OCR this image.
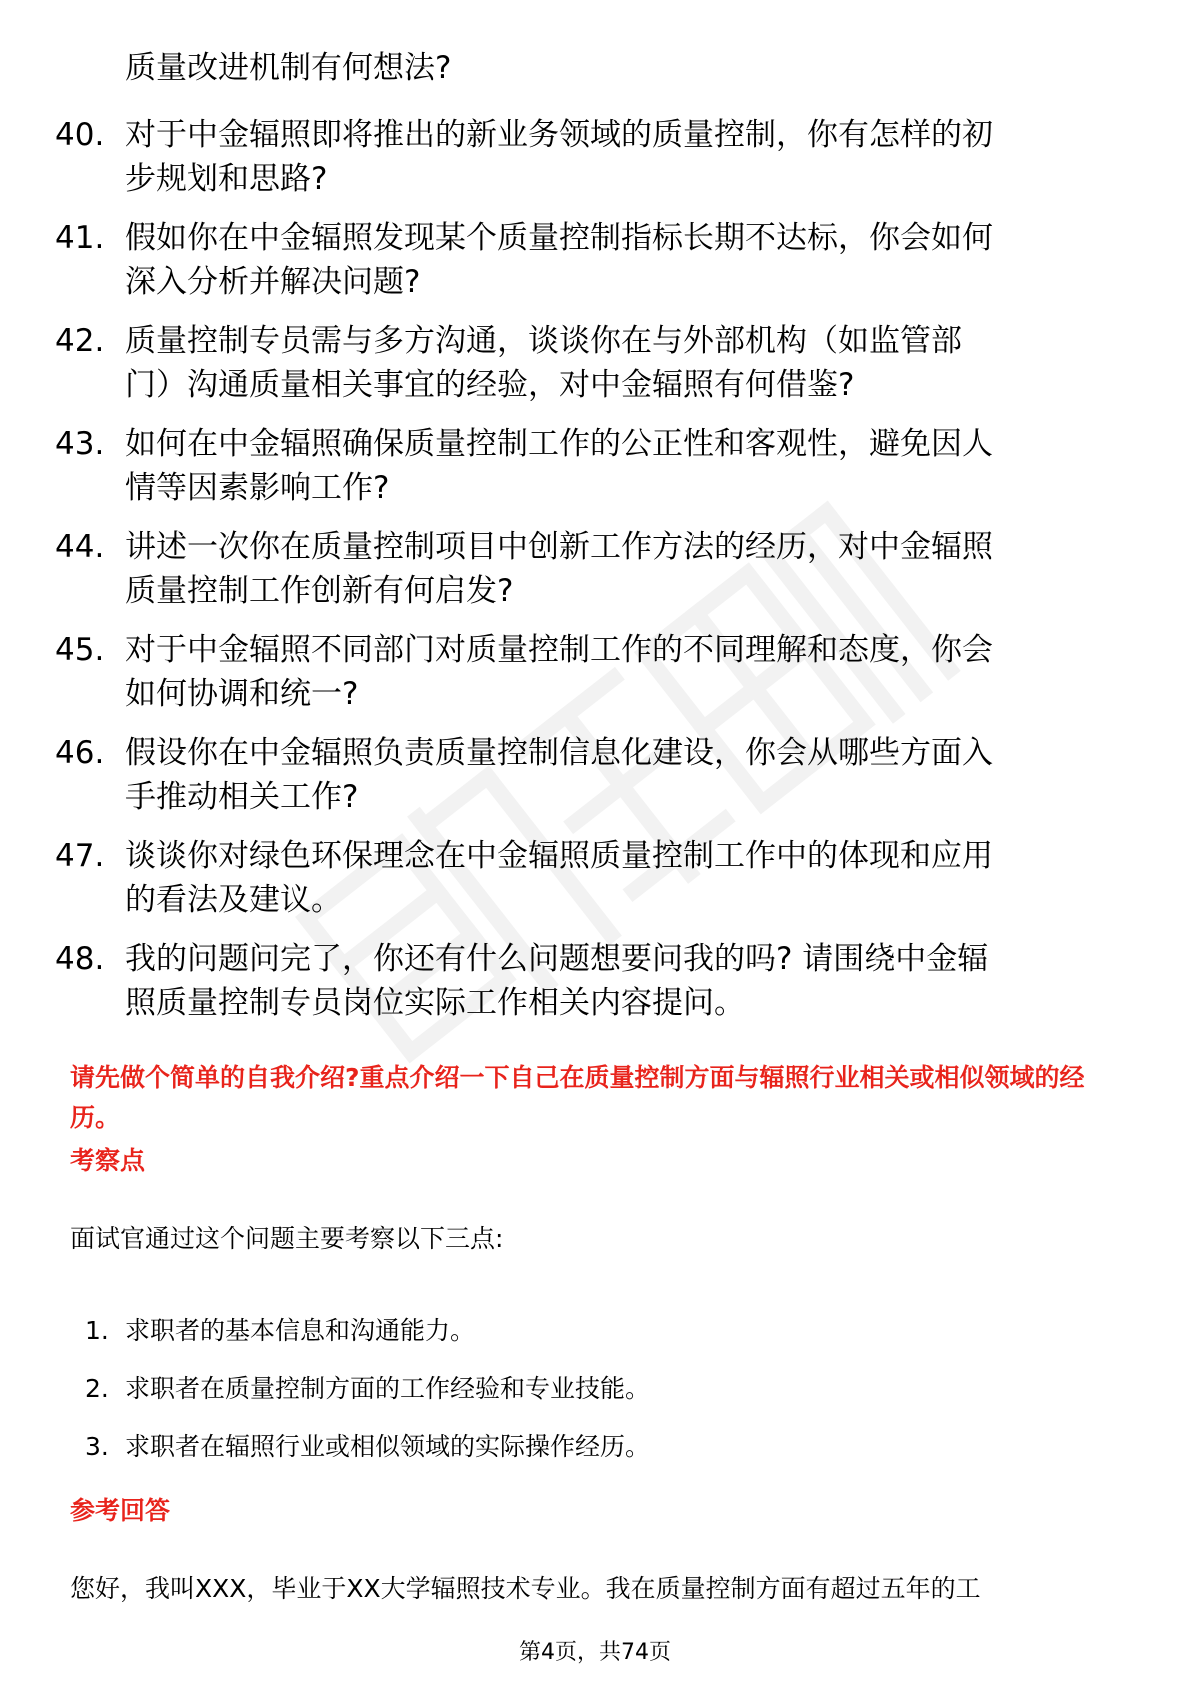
质量改进机制有何想法?

40. 对于中金辐照即将推出的新业务领域的质量控制，你有怎样的初
步规划和思路?
41. 假如你在中金辐照发现某个质量控制指标长期不达标，你会如何
深入分析并解决问题?
42. 质量控制专员需与多方沟通，谈谈你在与外部机构（如监管部
门）沟通质量相关事宜的经验，对中金辐照有何借鉴?
43. 如何在中金辐照确保质量控制工作的公正性和客观性，避免因人
情等因素影响工作?
44. 讲述一次你在质量控制项目中创新工作方法的经历，对中金辐照
质量控制工作创新有何启发?
45. 对于中金辐照不同部门对质量控制工作的不同理解和态度，你会
如何协调和统一?
46. 假设你在中金辐照负责质量控制信息化建设，你会从哪些方面入
手推动相关工作?
47. 谈谈你对绿色环保理念在中金辐照质量控制工作中的体现和应用
的看法及建议。
48. 我的问题问完了，你还有什么问题想要问我的吗? 请围绕中金辐
照质量控制专员岗位实际工作相关内容提问。

请先做个简单的自我介绍?重点介绍一下自己在质量控制方面与辐照行业相关或相似领域的经历。

考察点

面试官通过这个问题主要考察以下三点:

1. 求职者的基本信息和沟通能力。
2. 求职者在质量控制方面的工作经验和专业技能。
3. 求职者在辐照行业或相似领域的实际操作经历。
参考回答

您好，我叫XXX，毕业于XX大学辐照技术专业。我在质量控制方面有超过五年的工

第4页，共74页
